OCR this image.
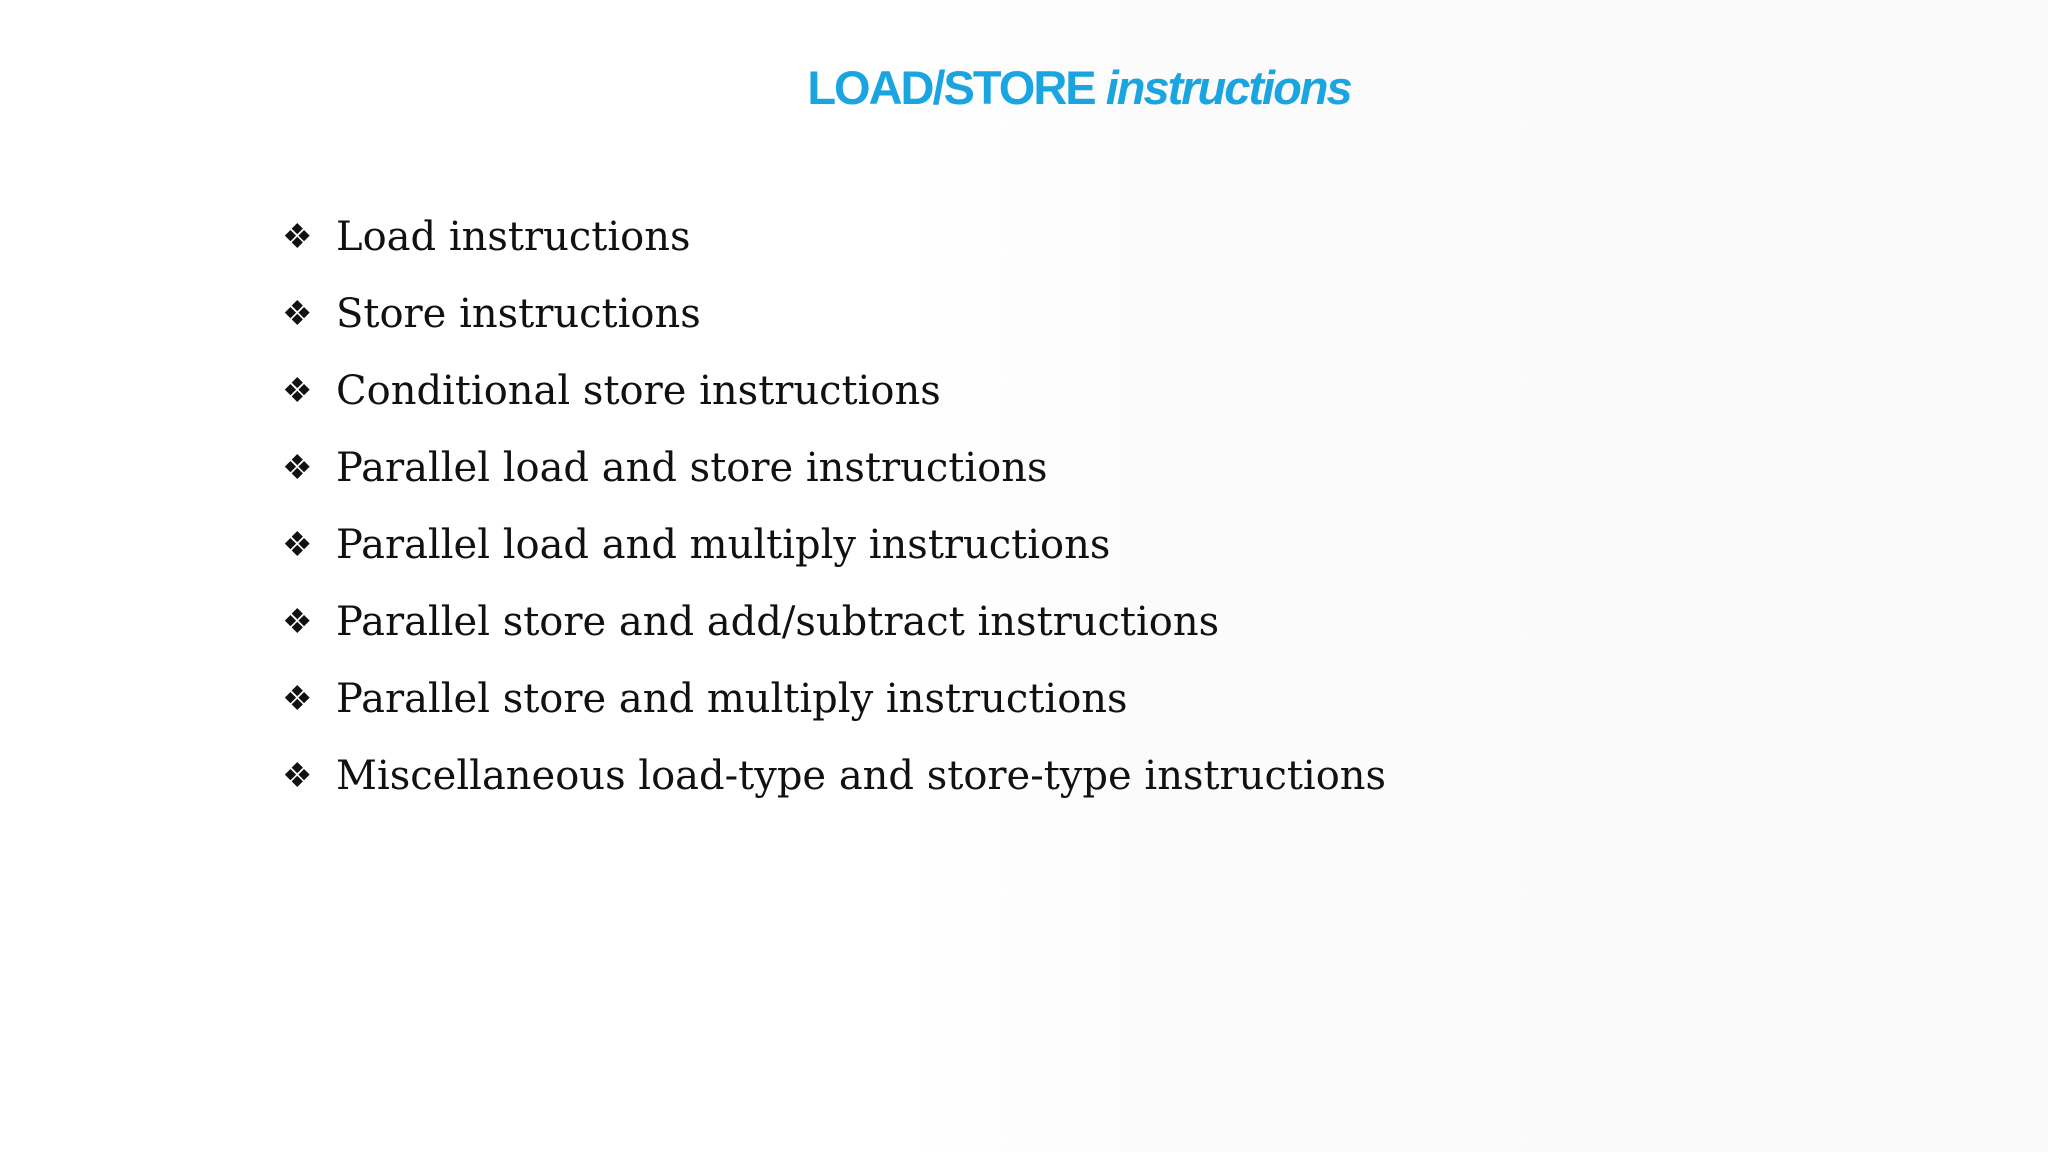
LOAD/STORE instructions
❖ Load instructions
❖ Store instructions
❖ Conditional store instructions
❖ Parallel load and store instructions
❖ Parallel load and multiply instructions
❖ Parallel store and add/subtract instructions
❖ Parallel store and multiply instructions
❖ Miscellaneous load-type and store-type instructions
